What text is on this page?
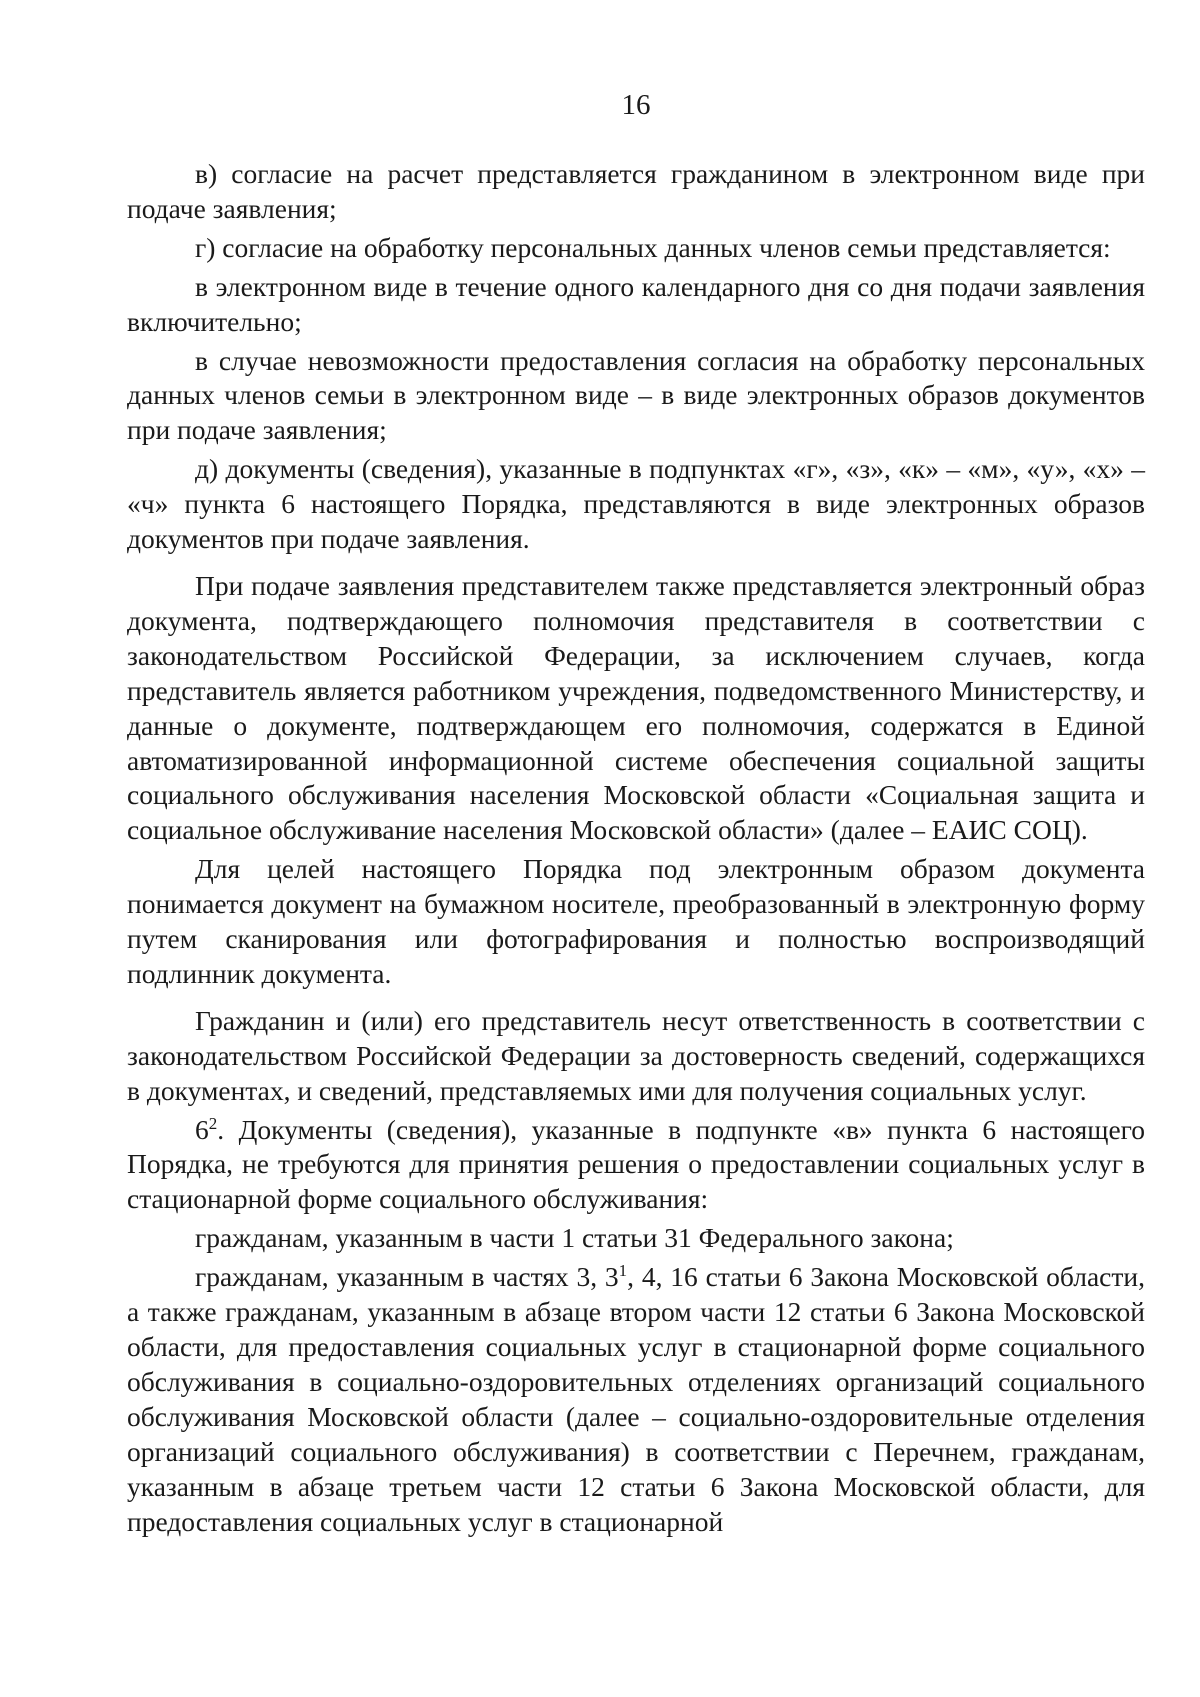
16

в) согласие на расчет представляется гражданином в электронном виде при подаче заявления;

г) согласие на обработку персональных данных членов семьи представляется:

в электронном виде в течение одного календарного дня со дня подачи заявления включительно;

в случае невозможности предоставления согласия на обработку персональных данных членов семьи в электронном виде – в виде электронных образов документов при подаче заявления;

д) документы (сведения), указанные в подпунктах «г», «з», «к» – «м», «у», «х» – «ч» пункта 6 настоящего Порядка, представляются в виде электронных образов документов при подаче заявления.

При подаче заявления представителем также представляется электронный образ документа, подтверждающего полномочия представителя в соответствии с законодательством Российской Федерации, за исключением случаев, когда представитель является работником учреждения, подведомственного Министерству, и данные о документе, подтверждающем его полномочия, содержатся в Единой автоматизированной информационной системе обеспечения социальной защиты социального обслуживания населения Московской области «Социальная защита и социальное обслуживание населения Московской области» (далее – ЕАИС СОЦ).

Для целей настоящего Порядка под электронным образом документа понимается документ на бумажном носителе, преобразованный в электронную форму путем сканирования или фотографирования и полностью воспроизводящий подлинник документа.

Гражданин и (или) его представитель несут ответственность в соответствии с законодательством Российской Федерации за достоверность сведений, содержащихся в документах, и сведений, представляемых ими для получения социальных услуг.

$6^2$. Документы (сведения), указанные в подпункте «в» пункта 6 настоящего Порядка, не требуются для принятия решения о предоставлении социальных услуг в стационарной форме социального обслуживания:

гражданам, указанным в части 1 статьи 31 Федерального закона;

гражданам, указанным в частях 3, $3^1$, 4, 16 статьи 6 Закона Московской области, а также гражданам, указанным в абзаце втором части 12 статьи 6 Закона Московской области, для предоставления социальных услуг в стационарной форме социального обслуживания в социально-оздоровительных отделениях организаций социального обслуживания Московской области (далее – социально-оздоровительные отделения организаций социального обслуживания) в соответствии с Перечнем, гражданам, указанным в абзаце третьем части 12 статьи 6 Закона Московской области, для предоставления социальных услуг в стационарной
